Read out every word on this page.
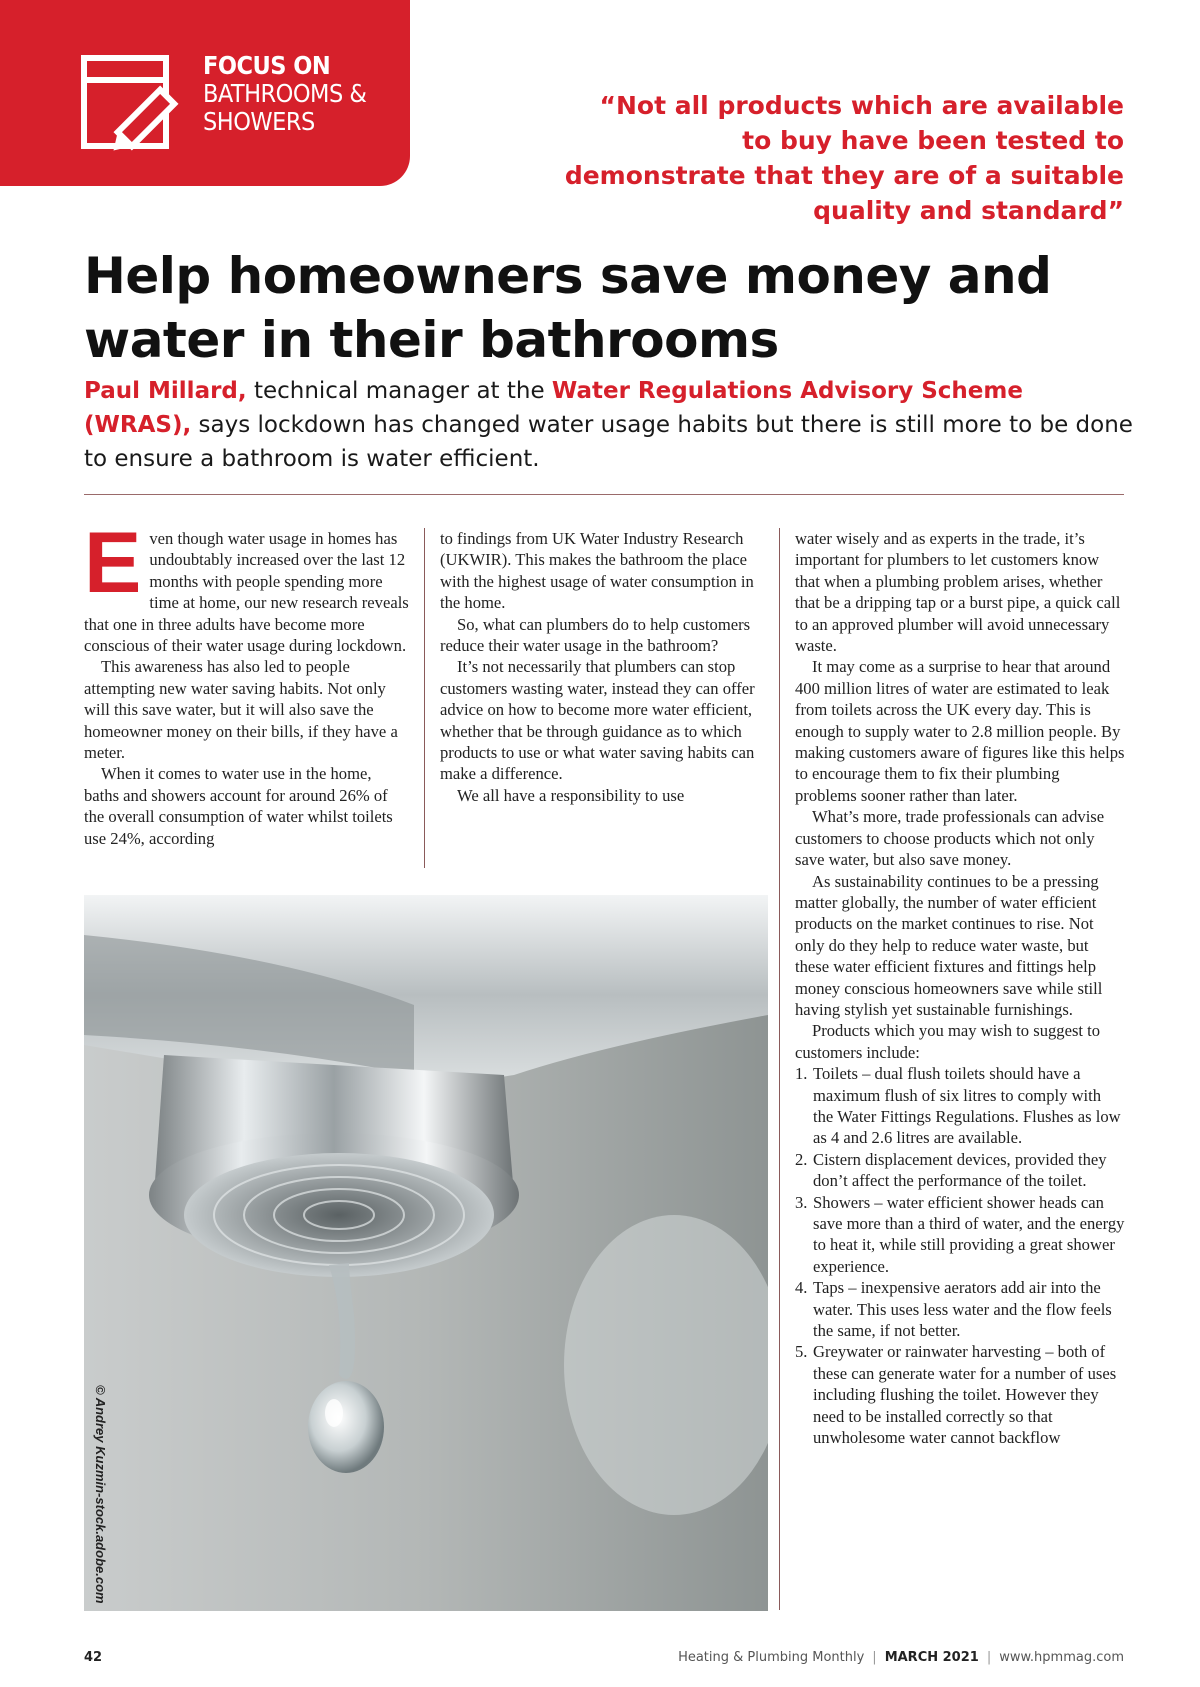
FOCUS ON
BATHROOMS &
SHOWERS
“Not all products which are available to buy have been tested to demonstrate that they are of a suitable quality and standard”
Help homeowners save money and water in their bathrooms
Paul Millard, technical manager at the Water Regulations Advisory Scheme (WRAS), says lockdown has changed water usage habits but there is still more to be done to ensure a bathroom is water efficient.

Even though water usage in homes has undoubtably increased over the last 12 months with people spending more time at home, our new research reveals that one in three adults have become more conscious of their water usage during lockdown.

This awareness has also led to people attempting new water saving habits. Not only will this save water, but it will also save the homeowner money on their bills, if they have a meter.

When it comes to water use in the home, baths and showers account for around 26% of the overall consumption of water whilst toilets use 24%, according

to findings from UK Water Industry Research (UKWIR). This makes the bathroom the place with the highest usage of water consumption in the home.

So, what can plumbers do to help customers reduce their water usage in the bathroom?

It’s not necessarily that plumbers can stop customers wasting water, instead they can offer advice on how to become more water efficient, whether that be through guidance as to which products to use or what water saving habits can make a difference.

We all have a responsibility to use

water wisely and as experts in the trade, it’s important for plumbers to let customers know that when a plumbing problem arises, whether that be a dripping tap or a burst pipe, a quick call to an approved plumber will avoid unnecessary waste.

It may come as a surprise to hear that around 400 million litres of water are estimated to leak from toilets across the UK every day. This is enough to supply water to 2.8 million people. By making customers aware of figures like this helps to encourage them to fix their plumbing problems sooner rather than later.

What’s more, trade professionals can advise customers to choose products which not only save water, but also save money.

As sustainability continues to be a pressing matter globally, the number of water efficient products on the market continues to rise. Not only do they help to reduce water waste, but these water efficient fixtures and fittings help money conscious homeowners save while still having stylish yet sustainable furnishings.

Products which you may wish to suggest to customers include:

1. Toilets – dual flush toilets should have a maximum flush of six litres to comply with the Water Fittings Regulations. Flushes as low as 4 and 2.6 litres are available.
2. Cistern displacement devices, provided they don’t affect the performance of the toilet.
3. Showers – water efficient shower heads can save more than a third of water, and the energy to heat it, while still providing a great shower experience.
4. Taps – inexpensive aerators add air into the water. This uses less water and the flow feels the same, if not better.
5. Greywater or rainwater harvesting – both of these can generate water for a number of uses including flushing the toilet. However they need to be installed correctly so that unwholesome water cannot backflow
© Andrey Kuzmin-stock.adobe.com
42	Heating & Plumbing Monthly | MARCH 2021 | www.hpmmag.com
